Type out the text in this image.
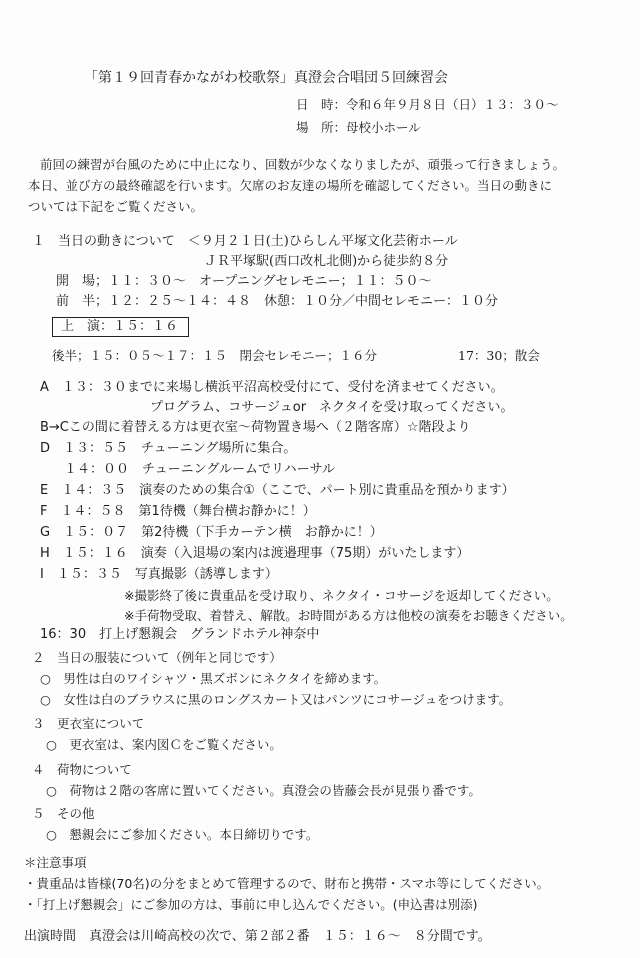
「第１９回青春かながわ校歌祭」真澄会合唱団５回練習会
日　時：令和６年９月８日（日）１３：３０～
場　所：母校小ホール
前回の練習が台風のために中止になり、回数が少なくなりましたが、頑張って行きましょう。
本日、並び方の最終確認を行います。欠席のお友達の場所を確認してください。当日の動きに
ついては下記をご覧ください。
１　当日の動きについて　＜９月２１日(土)ひらしん平塚文化芸術ホール
ＪＲ平塚駅(西口改札北側)から徒歩約８分
開　場；１１：３０～　オープニングセレモニー；１１：５０～
前　半；１２：２５～１４：４８　休憩：１０分／中間セレモニー：１０分
上　演：１５：１６
後半；１５：０５～１７：１５　閉会セレモニー；１６分	17：30；散会
A　１３：３０までに来場し横浜平沼高校受付にて、受付を済ませてください。
プログラム、コサージュor　ネクタイを受け取ってください。
B→Cこの間に着替える方は更衣室～荷物置き場へ（２階客席）☆階段より
D　１３：５５　チューニング場所に集合。
１４：００　チューニングルームでリハーサル
E　１４：３５　演奏のための集合①（ここで、パート別に貴重品を預かります）
F　１４：５８　第1待機（舞台横お静かに！）
G　１５：０７　第2待機（下手カーテン横　お静かに！）
H　１５：１６　演奏（入退場の案内は渡邉理事（75期）がいたします）
I　１５：３５　写真撮影（誘導します）
※撮影終了後に貴重品を受け取り、ネクタイ・コサージを返却してください。
※手荷物受取、着替え、解散。お時間がある方は他校の演奏をお聴きください。
16：30　打上げ懇親会　グランドホテル神奈中
２　当日の服装について（例年と同じです）
○　男性は白のワイシャツ・黒ズボンにネクタイを締めます。
○　女性は白のブラウスに黒のロングスカート又はパンツにコサージュをつけます。
３　更衣室について
○　更衣室は、案内図Ｃをご覧ください。
４　荷物について
○　荷物は２階の客席に置いてください。真澄会の皆藤会長が見張り番です。
５　その他
○　懇親会にご参加ください。本日締切りです。
＊注意事項
・貴重品は皆様(70名)の分をまとめて管理するので、財布と携帯・スマホ等にしてください。
・「打上げ懇親会」にご参加の方は、事前に申し込んでください。(申込書は別添)
出演時間　真澄会は川崎高校の次で、第２部２番　１５：１６～　８分間です。
